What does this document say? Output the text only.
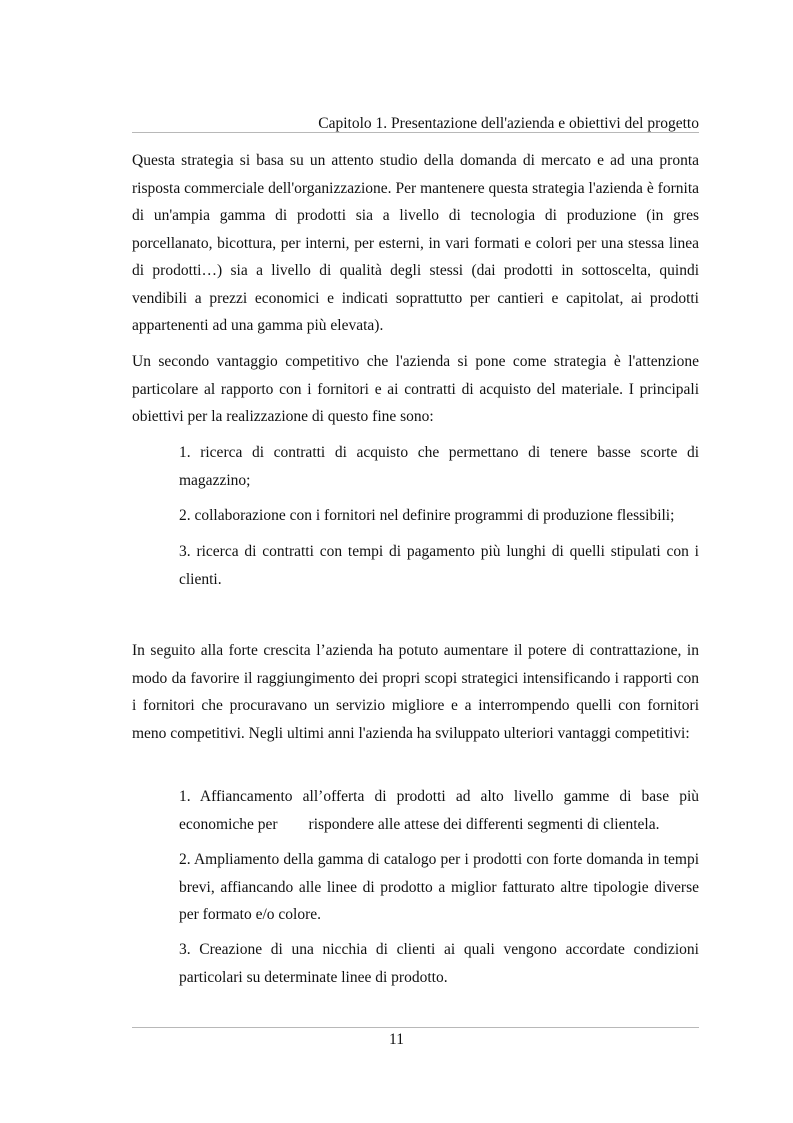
Capitolo 1. Presentazione dell'azienda e obiettivi del progetto

Questa strategia si basa su un attento studio della domanda di mercato e ad una pronta risposta commerciale dell'organizzazione. Per mantenere questa strategia l'azienda è fornita di un'ampia gamma di prodotti sia a livello di tecnologia di produzione (in gres porcellanato, bicottura, per interni, per esterni, in vari formati e colori per una stessa linea di prodotti…) sia a livello di qualità degli stessi (dai prodotti in sottoscelta, quindi vendibili a prezzi economici e indicati soprattutto per cantieri e capitolat, ai prodotti appartenenti ad una gamma più elevata).

Un secondo vantaggio competitivo che l'azienda si pone come strategia è l'attenzione particolare al rapporto con i fornitori e ai contratti di acquisto del materiale. I principali obiettivi per la realizzazione di questo fine sono:

1. ricerca di contratti di acquisto che permettano di tenere basse scorte di magazzino;

2. collaborazione con i fornitori nel definire programmi di produzione flessibili;

3. ricerca di contratti con tempi di pagamento più lunghi di quelli stipulati con i clienti.

In seguito alla forte crescita l’azienda ha potuto aumentare il potere di contrattazione, in modo da favorire il raggiungimento dei propri scopi strategici intensificando i rapporti con i fornitori che procuravano un servizio migliore e a interrompendo quelli con fornitori meno competitivi. Negli ultimi anni l'azienda ha sviluppato ulteriori vantaggi competitivi:

1. Affiancamento all’offerta di prodotti ad alto livello gamme di base più economiche per        rispondere alle attese dei differenti segmenti di clientela.

2. Ampliamento della gamma di catalogo per i prodotti con forte domanda in tempi brevi, affiancando alle linee di prodotto a miglior fatturato altre tipologie diverse per formato e/o colore.

3. Creazione di una nicchia di clienti ai quali vengono accordate condizioni particolari su determinate linee di prodotto.

11
